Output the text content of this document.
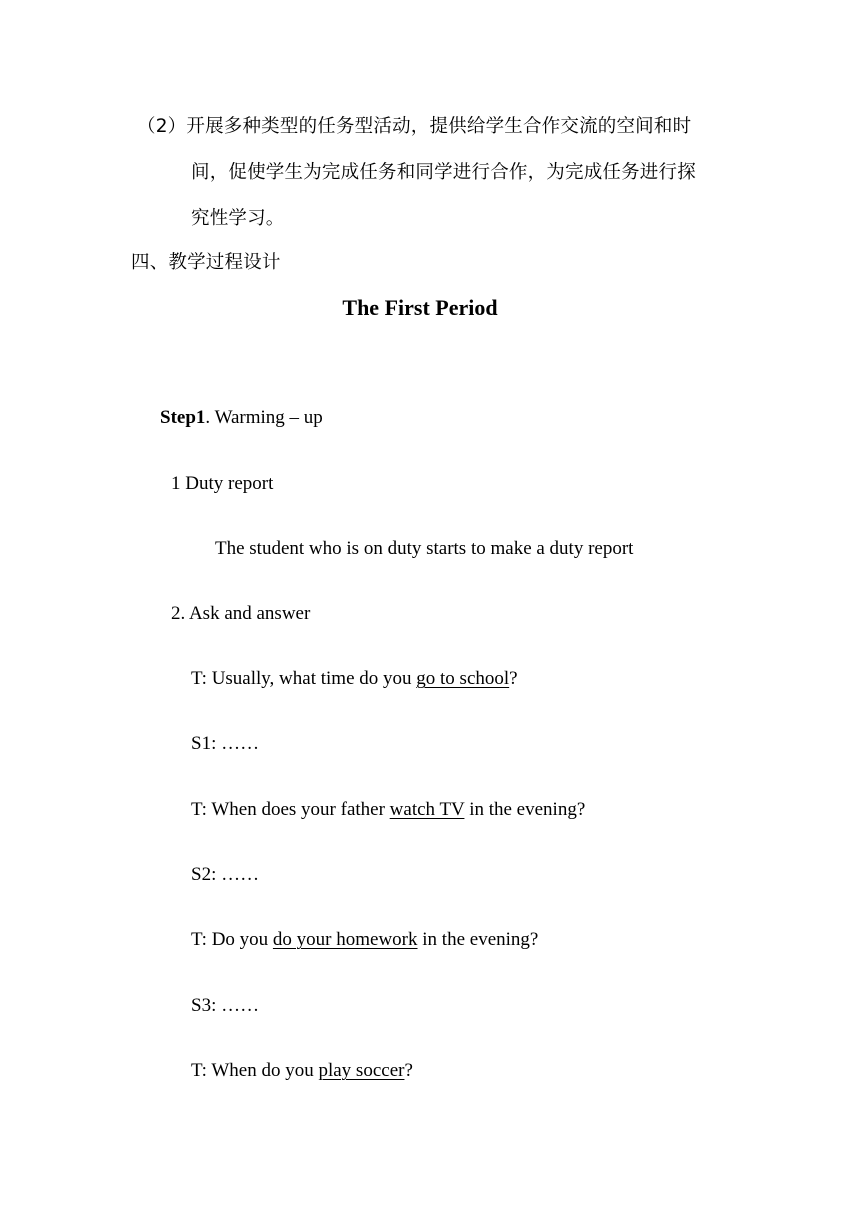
（2）开展多种类型的任务型活动，提供给学生合作交流的空间和时
间，促使学生为完成任务和同学进行合作，为完成任务进行探
究性学习。
四、教学过程设计
The First Period
Step1. Warming – up
1 Duty report
The student who is on duty starts to make a duty report
2. Ask and answer
T: Usually, what time do you go to school?
S1: ……
T: When does your father watch TV in the evening?
S2: ……
T: Do you do your homework in the evening?
S3: ……
T: When do you play soccer?
